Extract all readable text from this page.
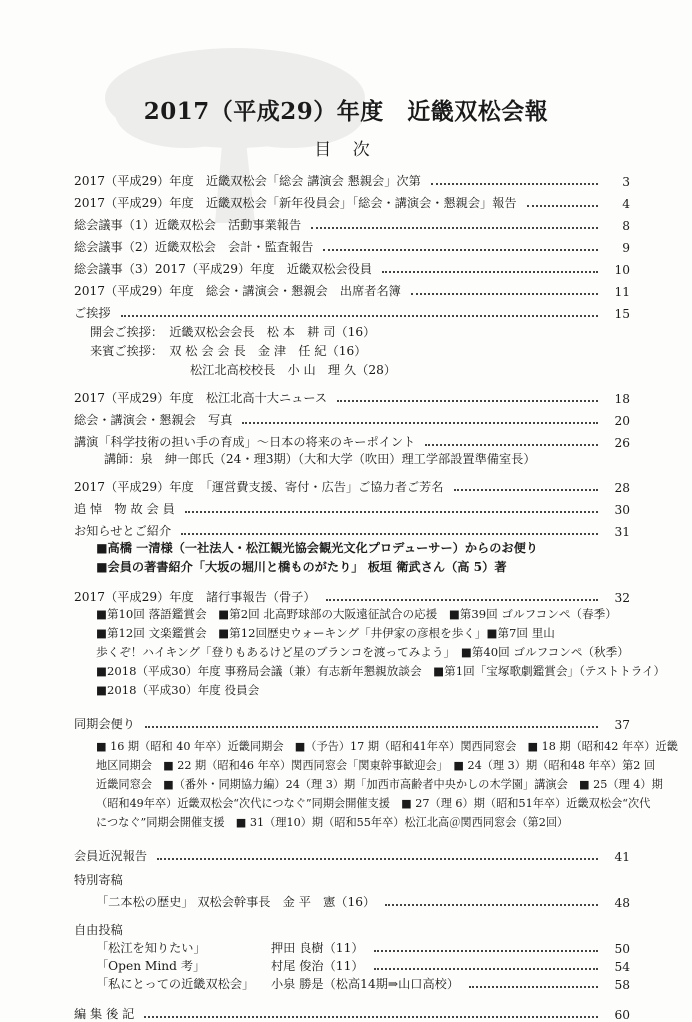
2017（平成29）年度　近畿双松会報
目 次
2017（平成29）年度　近畿双松会「総会 講演会 懇親会」次第	3
2017（平成29）年度　近畿双松会「新年役員会」「総会・講演会・懇親会」報告	4
総会議事（1）近畿双松会　活動事業報告	8
総会議事（2）近畿双松会　会計・監査報告	9
総会議事（3）2017（平成29）年度　近畿双松会役員	10
2017（平成29）年度　総会・講演会・懇親会　出席者名簿	11
ご挨拶	15
開会ご挨拶：　近畿双松会会長　松 本　耕 司（16）
来賓ご挨拶：　双 松 会 会 長　金 津　任 紀（16）
松江北高校校長　小 山　理 久（28）
2017（平成29）年度　松江北高十大ニュース	18
総会・講演会・懇親会　写真	20
講演「科学技術の担い手の育成」〜日本の将来のキーポイント	26
講師：泉　紳一郎氏（24・理3期）（大和大学（吹田）理工学部設置準備室長）
2017（平成29）年度　「運営費支援、寄付・広告」ご協力者ご芳名	28
追 悼　物 故 会 員	30
お知らせとご紹介	31
■高橋 一清様（一社法人・松江観光協会観光文化プロデューサー）からのお便り
■会員の著書紹介「大坂の堀川と橋ものがたり」 板垣 衛武さん（高 5）著
2017（平成29）年度　諸行事報告（骨子）	32
■第10回 落語鑑賞会　■第2回 北高野球部の大阪遠征試合の応援　■第39回 ゴルフコンペ（春季）
■第12回 文楽鑑賞会　■第12回歴史ウォーキング「井伊家の彦根を歩く」■第7回 里山
歩くぞ！ハイキング「登りもあるけど星のブランコを渡ってみよう」　■第40回 ゴルフコンペ（秋季）
■2018（平成30）年度 事務局会議（兼）有志新年懇親放談会　■第1回「宝塚歌劇鑑賞会」（テストトライ）
■2018（平成30）年度 役員会
同期会便り	37
■ 16 期（昭和 40 年卒）近畿同期会　■（予告）17 期（昭和41年卒）関西同窓会　■ 18 期（昭和42 年卒）近畿
地区同期会　■ 22 期（昭和46 年卒）関西同窓会「関東幹事歓迎会」　■ 24（理 3）期（昭和48 年卒）第2 回
近畿同窓会　■（番外・同期協力編）24（理 3）期「加西市高齢者中央かしの木学園」講演会　■ 25（理 4）期
（昭和49年卒）近畿双松会“次代につなぐ”同期会開催支援　■ 27（理 6）期（昭和51年卒）近畿双松会“次代
につなぐ”同期会開催支援　■ 31（理10）期（昭和55年卒）松江北高＠関西同窓会（第2回）
会員近況報告	41
特別寄稿
「二本松の歴史」 双松会幹事長　金 平　憲（16）	48
自由投稿
「松江を知りたい」	押田 良樹（11）	50
「Open Mind 考」	村尾 俊治（11）	54
「私にとっての近畿双松会」	小泉 勝是（松高14期⇒山口高校）	58
編 集 後 記	60
